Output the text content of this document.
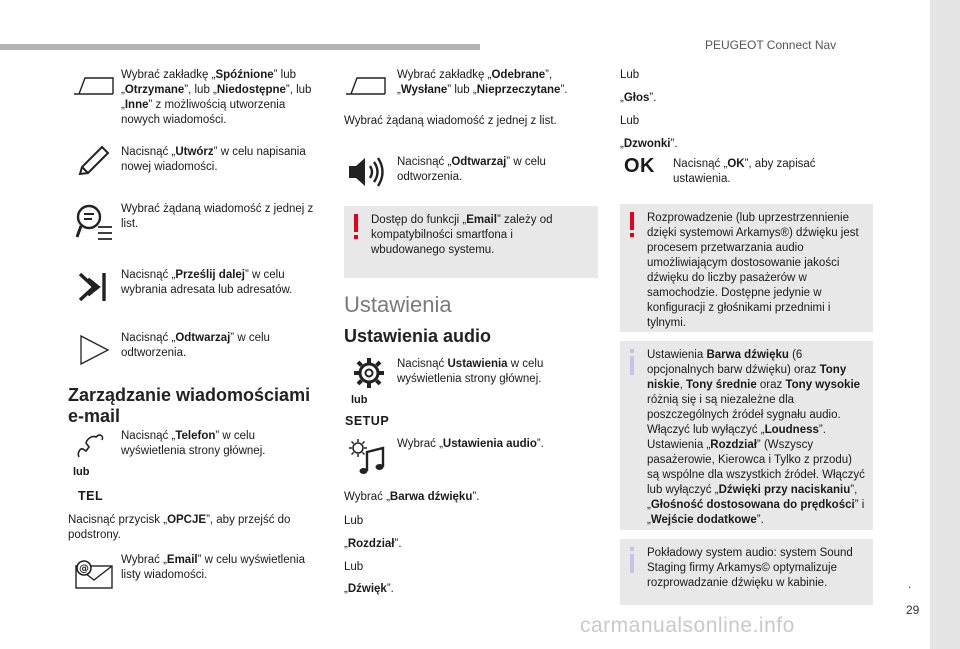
PEUGEOT Connect Nav
.
29
carmanualsonline.info
Wybrać zakładkę „Spóźnione” lub „Otrzymane”, lub „Niedostępne”, lub „Inne” z możliwością utworzenia nowych wiadomości.
Nacisnąć „Utwórz” w celu napisania nowej wiadomości.
Wybrać żądaną wiadomość z jednej z list.
Nacisnąć „Prześlij dalej” w celu wybrania adresata lub adresatów.
Nacisnąć „Odtwarzaj” w celu odtworzenia.
Zarządzanie wiadomościami e-mail
lub
TEL
Nacisnąć „Telefon” w celu wyświetlenia strony głównej.
Nacisnąć przycisk „OPCJE”, aby przejść do podstrony.
@
Wybrać „Email” w celu wyświetlenia listy wiadomości.
Wybrać zakładkę „Odebrane”, „Wysłane” lub „Nieprzeczytane”.
Wybrać żądaną wiadomość z jednej z list.
Nacisnąć „Odtwarzaj” w celu odtworzenia.
Dostęp do funkcji „Email” zależy od kompatybilności smartfona i wbudowanego systemu.
Ustawienia
Ustawienia audio
lub
SETUP
Nacisnąć Ustawienia w celu wyświetlenia strony głównej.
Wybrać „Ustawienia audio”.
Wybrać „Barwa dźwięku”.
Lub
„Rozdział”.
Lub
„Dźwięk”.
Lub
„Głos”.
Lub
„Dzwonki”.
OK Nacisnąć „OK”, aby zapisać ustawienia.
Rozprowadzenie (lub uprzestrzennienie dzięki systemowi Arkamys®) dźwięku jest procesem przetwarzania audio umożliwiającym dostosowanie jakości dźwięku do liczby pasażerów w samochodzie. Dostępne jedynie w konfiguracji z głośnikami przednimi i tylnymi.
Ustawienia Barwa dźwięku (6 opcjonalnych barw dźwięku) oraz Tony niskie, Tony średnie oraz Tony wysokie różnią się i są niezależne dla poszczególnych źródeł sygnału audio. Włączyć lub wyłączyć „Loudness”. Ustawienia „Rozdział” (Wszyscy pasażerowie, Kierowca i Tylko z przodu) są wspólne dla wszystkich źródeł. Włączyć lub wyłączyć „Dźwięki przy naciskaniu”, „Głośność dostosowana do prędkości” i „Wejście dodatkowe”.
Pokładowy system audio: system Sound Staging firmy Arkamys© optymalizuje rozprowadzanie dźwięku w kabinie.
